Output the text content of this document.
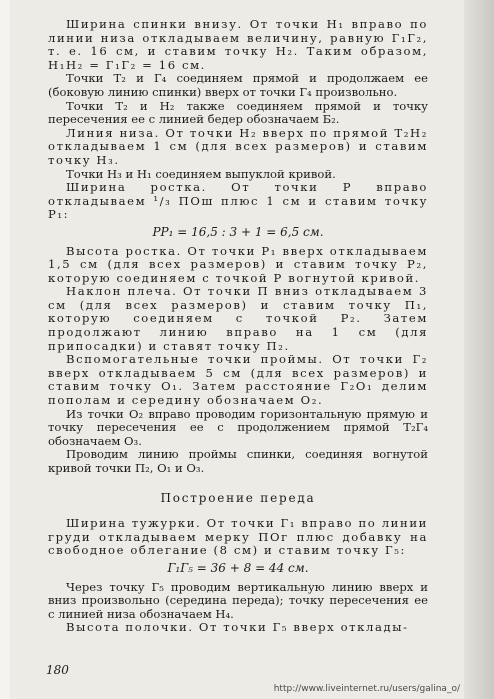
Ширина спинки внизу. От точки Н₁ вправо по линии низа откладываем величину, равную Г₁Г₂, т. е. 16 см, и ставим точку Н₂. Таким образом, Н₁Н₂ = Г₁Г₂ = 16 см.

Точки Т₂ и Г₄ соединяем прямой и продолжаем ее (боковую линию спинки) вверх от точки Г₄ произвольно.

Точки Т₂ и Н₂ также соединяем прямой и точку пересечения ее с линией бедер обозначаем Б₂.

Линия низа. От точки Н₂ вверх по прямой Т₂Н₂ откладываем 1 см (для всех размеров) и ставим точку Н₃.

Точки Н₃ и Н₁ соединяем выпуклой кривой.

Ширина ростка. От точки Р вправо откладываем ¹/₃ ПОш плюс 1 см и ставим точку Р₁:

PP₁ = 16,5 : 3 + 1 = 6,5 см.

Высота ростка. От точки Р₁ вверх откладываем 1,5 см (для всех размеров) и ставим точку Р₂, которую соединяем с точкой Р вогнутой кривой.

Наклон плеча. От точки П вниз откладываем 3 см (для всех размеров) и ставим точку П₁, которую соединяем с точкой Р₂. Затем продолжают линию вправо на 1 см (для припосадки) и ставят точку П₂.

Вспомогательные точки проймы. От точки Г₂ вверх откладываем 5 см (для всех размеров) и ставим точку О₁. Затем расстояние Г₂О₁ делим пополам и середину обозначаем О₂.

Из точки О₂ вправо проводим горизонтальную прямую и точку пересечения ее с продолжением прямой Т₂Г₄ обозначаем О₃.

Проводим линию проймы спинки, соединяя вогнутой кривой точки П₂, О₁ и О₃.

Построение переда

Ширина тужурки. От точки Г₁ вправо по линии груди откладываем мерку ПОг плюс добавку на свободное облегание (8 см) и ставим точку Г₅:

Г₁Г₅ = 36 + 8 = 44 см.

Через точку Г₅ проводим вертикальную линию вверх и вниз произвольно (середина переда); точку пересечения ее с линией низа обозначаем Н₄.

Высота полочки. От точки Г₅ вверх отклады-

180
http://www.liveinternet.ru/users/galina_o/
